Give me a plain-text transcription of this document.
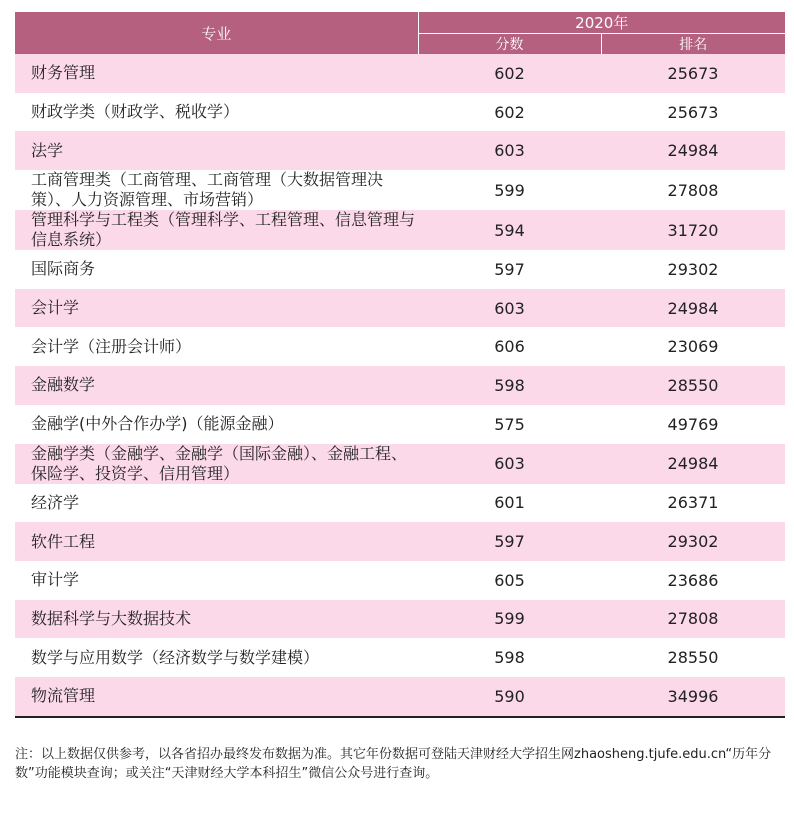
专业	2020年	
	分数	排名
财务管理	602	25673
财政学类（财政学、税收学）	602	25673
法学	603	24984
工商管理类（工商管理、工商管理（大数据管理决策）、人力资源管理、市场营销）	599	27808
管理科学与工程类（管理科学、工程管理、信息管理与信息系统）	594	31720
国际商务	597	29302
会计学	603	24984
会计学（注册会计师）	606	23069
金融数学	598	28550
金融学(中外合作办学)（能源金融）	575	49769
金融学类（金融学、金融学（国际金融）、金融工程、保险学、投资学、信用管理）	603	24984
经济学	601	26371
软件工程	597	29302
审计学	605	23686
数据科学与大数据技术	599	27808
数学与应用数学（经济数学与数学建模）	598	28550
物流管理	590	34996
注：以上数据仅供参考，以各省招办最终发布数据为准。其它年份数据可登陆天津财经大学招生网zhaosheng.tjufe.edu.cn“历年分数”功能模块查询；或关注“天津财经大学本科招生”微信公众号进行查询。
